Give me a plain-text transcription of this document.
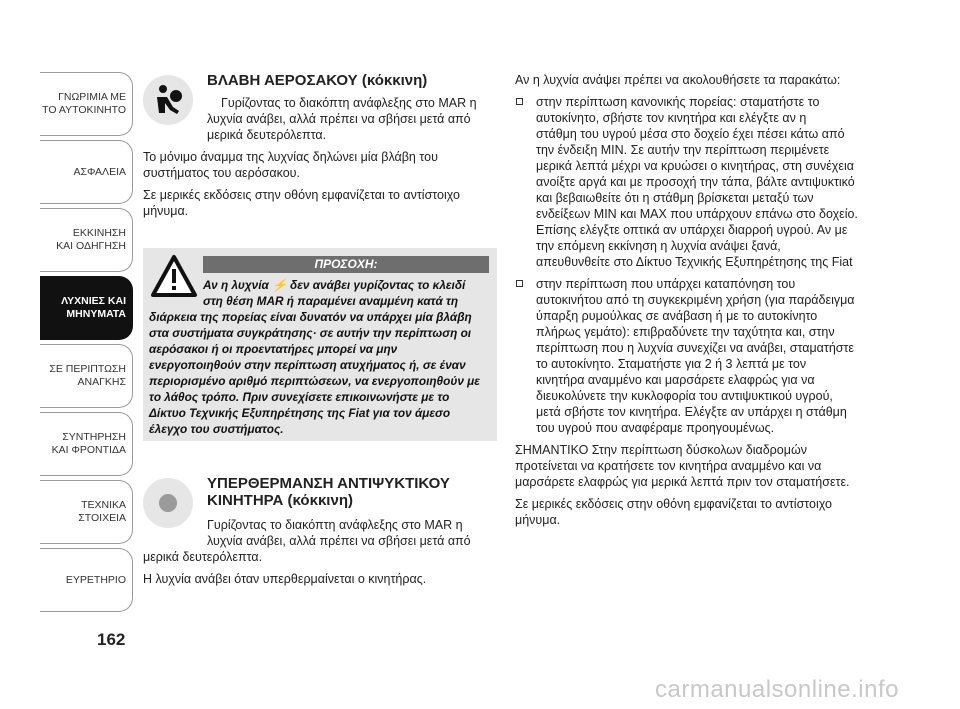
ΓΝΩΡΙΜΙΑ ΜΕ
ΤΟ ΑΥΤΟΚΙΝΗΤΟ
ΑΣΦΑΛΕΙΑ
ΕΚΚΙΝΗΣΗ
ΚΑΙ ΟΔΗΓΗΣΗ
ΛΥΧΝΙΕΣ ΚΑΙ
ΜΗΝΥΜΑΤΑ
ΣΕ ΠΕΡΙΠΤΩΣΗ
ΑΝΑΓΚΗΣ
ΣΥΝΤΗΡΗΣΗ
ΚΑΙ ΦΡΟΝΤΙΔΑ
ΤΕΧΝΙΚΑ
ΣΤΟΙΧΕΙΑ
ΕΥΡΕΤΗΡΙΟ
162
ΒΛΑΒΗ ΑΕΡΟΣΑΚΟΥ (κόκκινη)
Γυρίζοντας το διακόπτη ανάφλεξης στο MAR η
λυχνία ανάβει, αλλά πρέπει να σβήσει μετά από
μερικά δευτερόλεπτα.
Το μόνιμο άναμμα της λυχνίας δηλώνει μία βλάβη του
συστήματος του αερόσακου.
Σε μερικές εκδόσεις στην οθόνη εμφανίζεται το αντίστοιχο
μήνυμα.
ΠΡΟΣΟΧΗ:
Αν η λυχνία ⚡ δεν ανάβει γυρίζοντας το κλειδί
στη θέση MAR ή παραμένει αναμμένη κατά τη
διάρκεια της πορείας είναι δυνατόν να υπάρχει μία βλάβη
στα συστήματα συγκράτησης· σε αυτήν την περίπτωση οι
αερόσακοι ή οι προεντατήρες μπορεί να μην
ενεργοποιηθούν στην περίπτωση ατυχήματος ή, σε έναν
περιορισμένο αριθμό περιπτώσεων, να ενεργοποιηθούν με
το λάθος τρόπο. Πριν συνεχίσετε επικοινωνήστε με το
Δίκτυο Τεχνικής Εξυπηρέτησης της Fiat για τον άμεσο
έλεγχο του συστήματος.
ΥΠΕΡΘΕΡΜΑΝΣΗ ΑΝΤΙΨΥΚΤΙΚΟΥ
ΚΙΝΗΤΗΡΑ (κόκκινη)
Γυρίζοντας το διακόπτη ανάφλεξης στο MAR η
λυχνία ανάβει, αλλά πρέπει να σβήσει μετά από
μερικά δευτερόλεπτα.
Η λυχνία ανάβει όταν υπερθερμαίνεται ο κινητήρας.
Αν η λυχνία ανάψει πρέπει να ακολουθήσετε τα παρακάτω:
στην περίπτωση κανονικής πορείας: σταματήστε το
αυτοκίνητο, σβήστε τον κινητήρα και ελέγξτε αν η
στάθμη του υγρού μέσα στο δοχείο έχει πέσει κάτω από
την ένδειξη MIN. Σε αυτήν την περίπτωση περιμένετε
μερικά λεπτά μέχρι να κρυώσει ο κινητήρας, στη συνέχεια
ανοίξτε αργά και με προσοχή την τάπα, βάλτε αντιψυκτικό
και βεβαιωθείτε ότι η στάθμη βρίσκεται μεταξύ των
ενδείξεων MIN και MAX που υπάρχουν επάνω στο δοχείο.
Επίσης ελέγξτε οπτικά αν υπάρχει διαρροή υγρού. Αν με
την επόμενη εκκίνηση η λυχνία ανάψει ξανά,
απευθυνθείτε στο Δίκτυο Τεχνικής Εξυπηρέτησης της Fiat
στην περίπτωση που υπάρχει καταπόνηση του
αυτοκινήτου από τη συγκεκριμένη χρήση (για παράδειγμα
ύπαρξη ρυμούλκας σε ανάβαση ή με το αυτοκίνητο
πλήρως γεμάτο): επιβραδύνετε την ταχύτητα και, στην
περίπτωση που η λυχνία συνεχίζει να ανάβει, σταματήστε
το αυτοκίνητο. Σταματήστε για 2 ή 3 λεπτά με τον
κινητήρα αναμμένο και μαρσάρετε ελαφρώς για να
διευκολύνετε την κυκλοφορία του αντιψυκτικού υγρού,
μετά σβήστε τον κινητήρα. Ελέγξτε αν υπάρχει η στάθμη
του υγρού που αναφέραμε προηγουμένως.
ΣΗΜΑΝΤΙΚΟ Στην περίπτωση δύσκολων διαδρομών
προτείνεται να κρατήσετε τον κινητήρα αναμμένο και να
μαρσάρετε ελαφρώς για μερικά λεπτά πριν τον σταματήσετε.
Σε μερικές εκδόσεις στην οθόνη εμφανίζεται το αντίστοιχο
μήνυμα.
carmanualsonline.info
